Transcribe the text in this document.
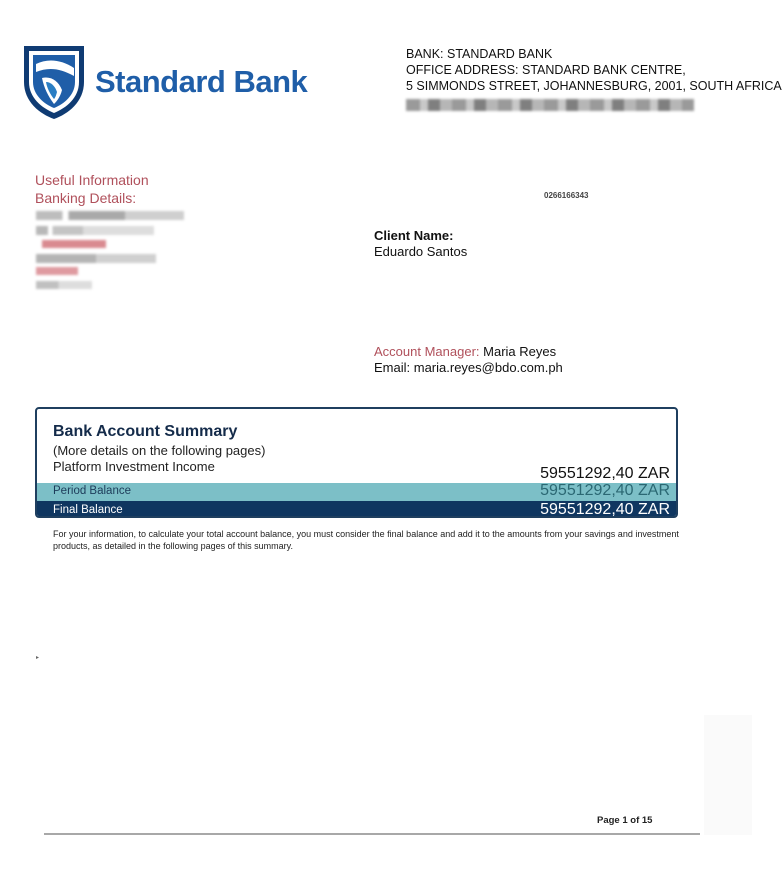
Standard Bank
BANK: STANDARD BANK
OFFICE ADDRESS: STANDARD BANK CENTRE,
5 SIMMONDS STREET, JOHANNESBURG, 2001, SOUTH AFRICA
Useful Information
Banking Details:	0266166343
Client Name:
Eduardo Santos
Account Manager: Maria Reyes
Email: maria.reyes@bdo.com.ph
Bank Account Summary
(More details on the following pages)
Platform Investment Income	59551292,40 ZAR
Period Balance	59551292,40 ZAR
Final Balance	59551292,40 ZAR
For your information, to calculate your total account balance, you must consider the final balance and add it to the amounts from your savings and investment products, as detailed in the following pages of this summary.
▸
Page 1 of 15
